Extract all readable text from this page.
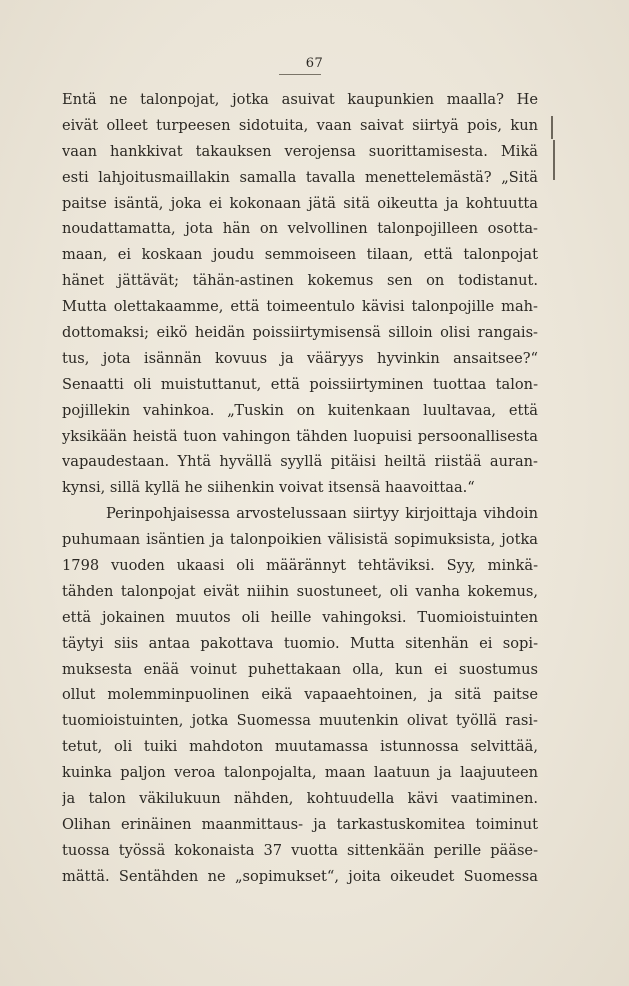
67
Entä ne talonpojat, jotka asuivat kaupunkien maalla? He
eivät olleet turpeesen sidotuita, vaan saivat siirtyä pois, kun
vaan hankkivat takauksen verojensa suorittamisesta. Mikä
esti lahjoitusmaillakin samalla tavalla menettelemästä? „Sitä
paitse isäntä, joka ei kokonaan jätä sitä oikeutta ja kohtuutta
noudattamatta, jota hän on velvollinen talonpojilleen osotta-
maan, ei koskaan joudu semmoiseen tilaan, että talonpojat
hänet jättävät; tähän-astinen kokemus sen on todistanut.
Mutta olettakaamme, että toimeentulo kävisi talonpojille mah-
dottomaksi; eikö heidän poissiirtymisensä silloin olisi rangais-
tus, jota isännän kovuus ja vääryys hyvinkin ansaitsee?“
Senaatti oli muistuttanut, että poissiirtyminen tuottaa talon-
pojillekin vahinkoa. „Tuskin on kuitenkaan luultavaa, että
yksikään heistä tuon vahingon tähden luopuisi persoonallisesta
vapaudestaan. Yhtä hyvällä syyllä pitäisi heiltä riistää auran-
kynsi, sillä kyllä he siihenkin voivat itsensä haavoittaa.“
Perinpohjaisessa arvostelussaan siirtyy kirjoittaja vihdoin
puhumaan isäntien ja talonpoikien välisistä sopimuksista, jotka
1798 vuoden ukaasi oli määrännyt tehtäviksi. Syy, minkä-
tähden talonpojat eivät niihin suostuneet, oli vanha kokemus,
että jokainen muutos oli heille vahingoksi. Tuomioistuinten
täytyi siis antaa pakottava tuomio. Mutta sitenhän ei sopi-
muksesta enää voinut puhettakaan olla, kun ei suostumus
ollut molemminpuolinen eikä vapaaehtoinen, ja sitä paitse
tuomioistuinten, jotka Suomessa muutenkin olivat työllä rasi-
tetut, oli tuiki mahdoton muutamassa istunnossa selvittää,
kuinka paljon veroa talonpojalta, maan laatuun ja laajuuteen
ja talon väkilukuun nähden, kohtuudella kävi vaatiminen.
Olihan erinäinen maanmittaus- ja tarkastuskomitea toiminut
tuossa työssä kokonaista 37 vuotta sittenkään perille pääse-
mättä. Sentähden ne „sopimukset“, joita oikeudet Suomessa
